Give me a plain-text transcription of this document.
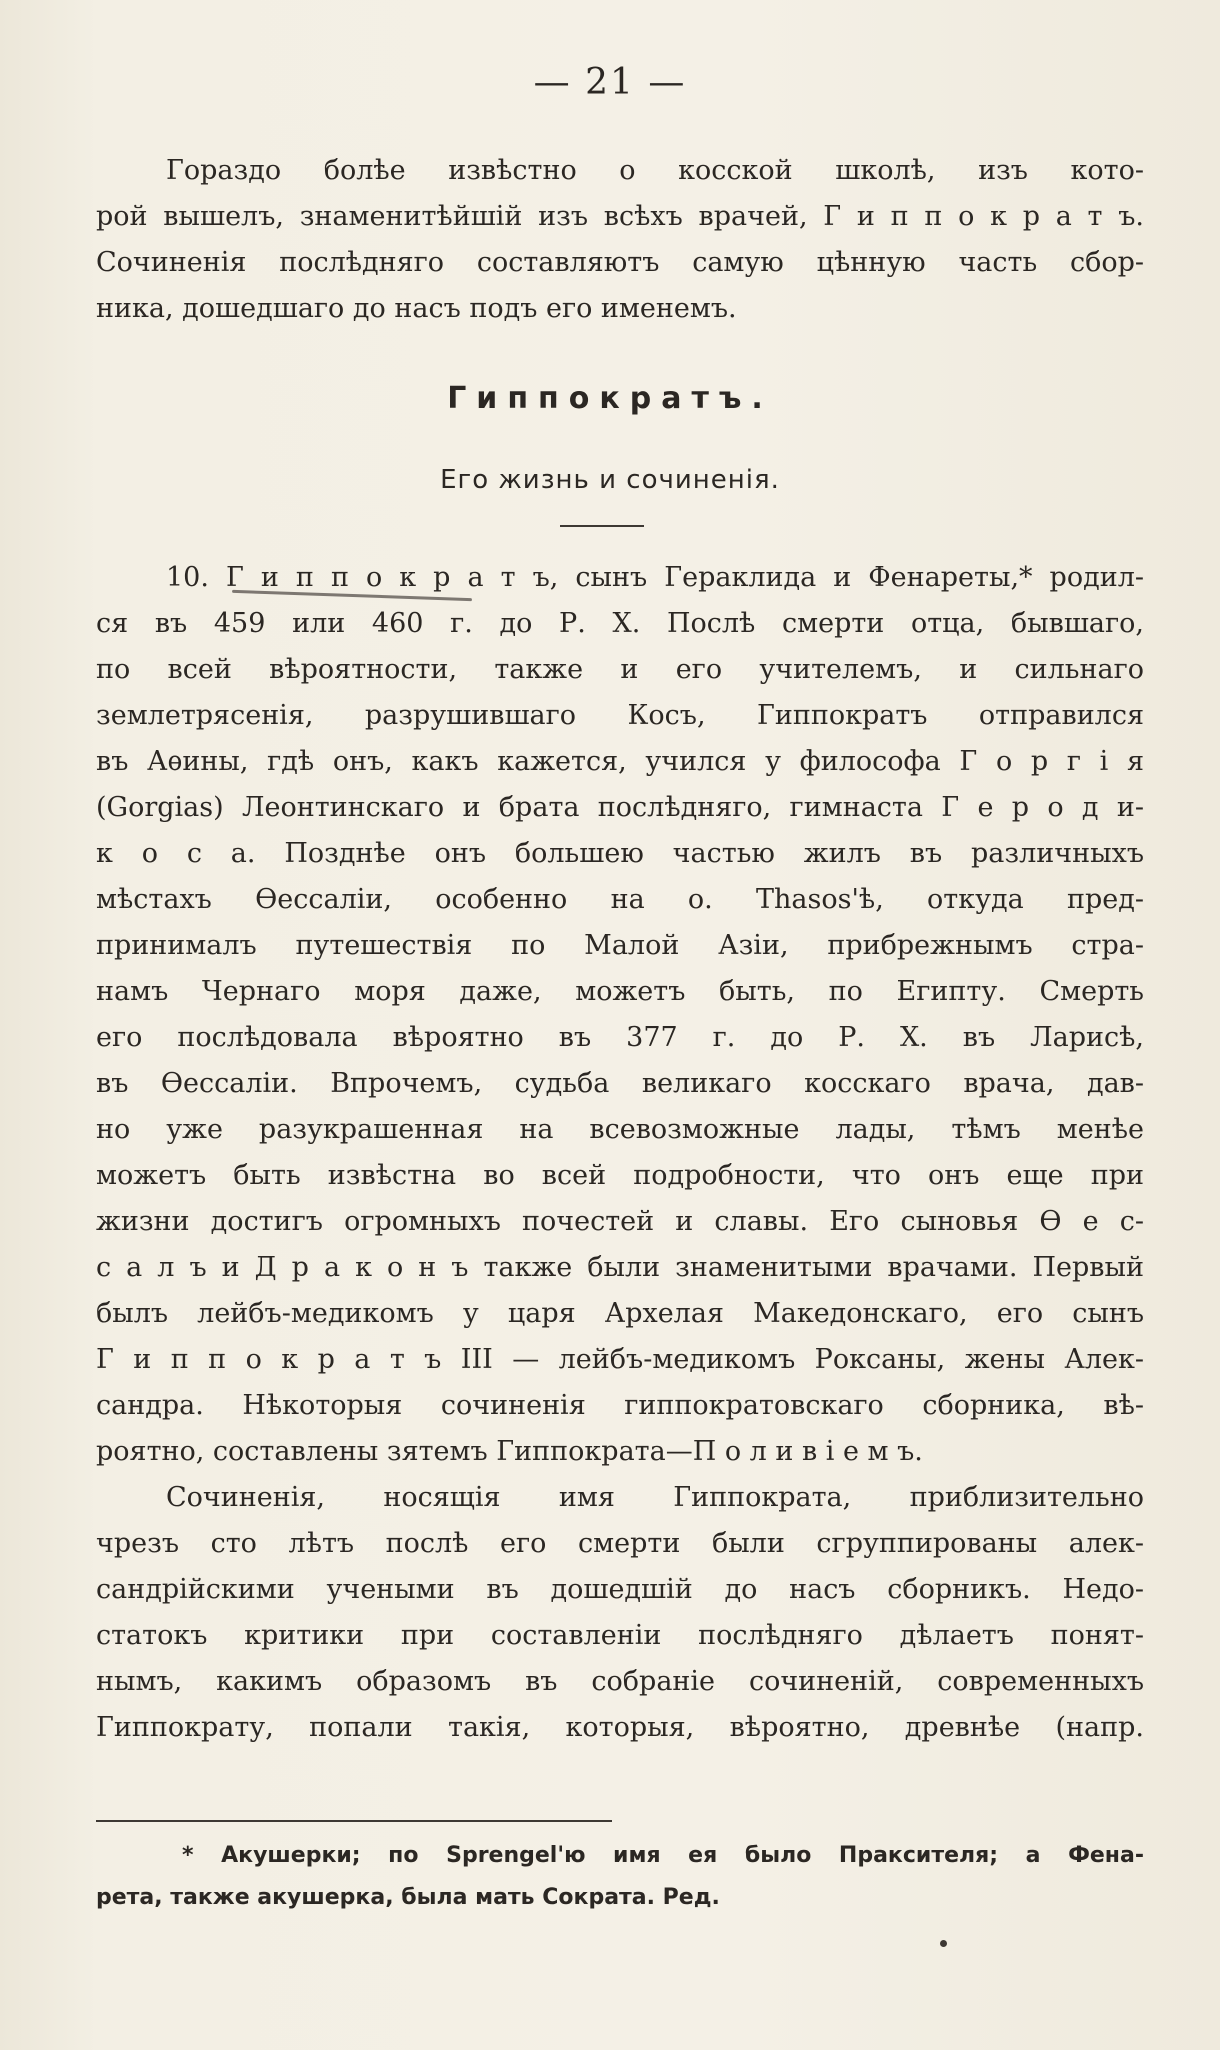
— 21 —
Гораздо болѣе извѣстно о косской школѣ, изъ кото-
рой вышелъ, знаменитѣйшій изъ всѣхъ врачей, Г и п п о к р а т ъ.
Сочиненія послѣдняго составляютъ самую цѣнную часть сбор-
ника, дошедшаго до насъ подъ его именемъ.
Гиппократъ.
Его жизнь и сочиненія.
10. Г и п п о к р а т ъ, сынъ Гераклида и Фенареты,* родил-
ся въ 459 или 460 г. до Р. Х. Послѣ смерти отца, бывшаго,
по всей вѣроятности, также и его учителемъ, и сильнаго
землетрясенія, разрушившаго Косъ, Гиппократъ отправился
въ Аѳины, гдѣ онъ, какъ кажется, учился у философа Г о р г і я
(Gorgias) Леонтинскаго и брата послѣдняго, гимнаста Г е р о д и-
к о с а. Позднѣе онъ большею частью жилъ въ различныхъ
мѣстахъ Ѳессаліи, особенно на о. Thasos'ѣ, откуда пред-
принималъ путешествія по Малой Азіи, прибрежнымъ стра-
намъ Чернаго моря даже, можетъ быть, по Египту. Смерть
его послѣдовала вѣроятно въ 377 г. до Р. Х. въ Ларисѣ,
въ Ѳессаліи. Впрочемъ, судьба великаго косскаго врача, дав-
но уже разукрашенная на всевозможные лады, тѣмъ менѣе
можетъ быть извѣстна во всей подробности, что онъ еще при
жизни достигъ огромныхъ почестей и славы. Его сыновья Ѳ е с-
с а л ъ и Д р а к о н ъ также были знаменитыми врачами. Первый
былъ лейбъ-медикомъ у царя Архелая Македонскаго, его сынъ
Г и п п о к р а т ъ III — лейбъ-медикомъ Роксаны, жены Алек-
сандра. Нѣкоторыя сочиненія гиппократовскаго сборника, вѣ-
роятно, составлены зятемъ Гиппократа—П о л и в і е м ъ.
Сочиненія, носящія имя Гиппократа, приблизительно
чрезъ сто лѣтъ послѣ его смерти были сгруппированы алек-
сандрійскими учеными въ дошедшій до насъ сборникъ. Недо-
статокъ критики при составленіи послѣдняго дѣлаетъ понят-
нымъ, какимъ образомъ въ собраніе сочиненій, современныхъ
Гиппократу, попали такія, которыя, вѣроятно, древнѣе (напр.
* Акушерки; по Sprengel'ю имя ея было Праксителя; а Фена-
рета, также акушерка, была мать Сократа. Ред.
